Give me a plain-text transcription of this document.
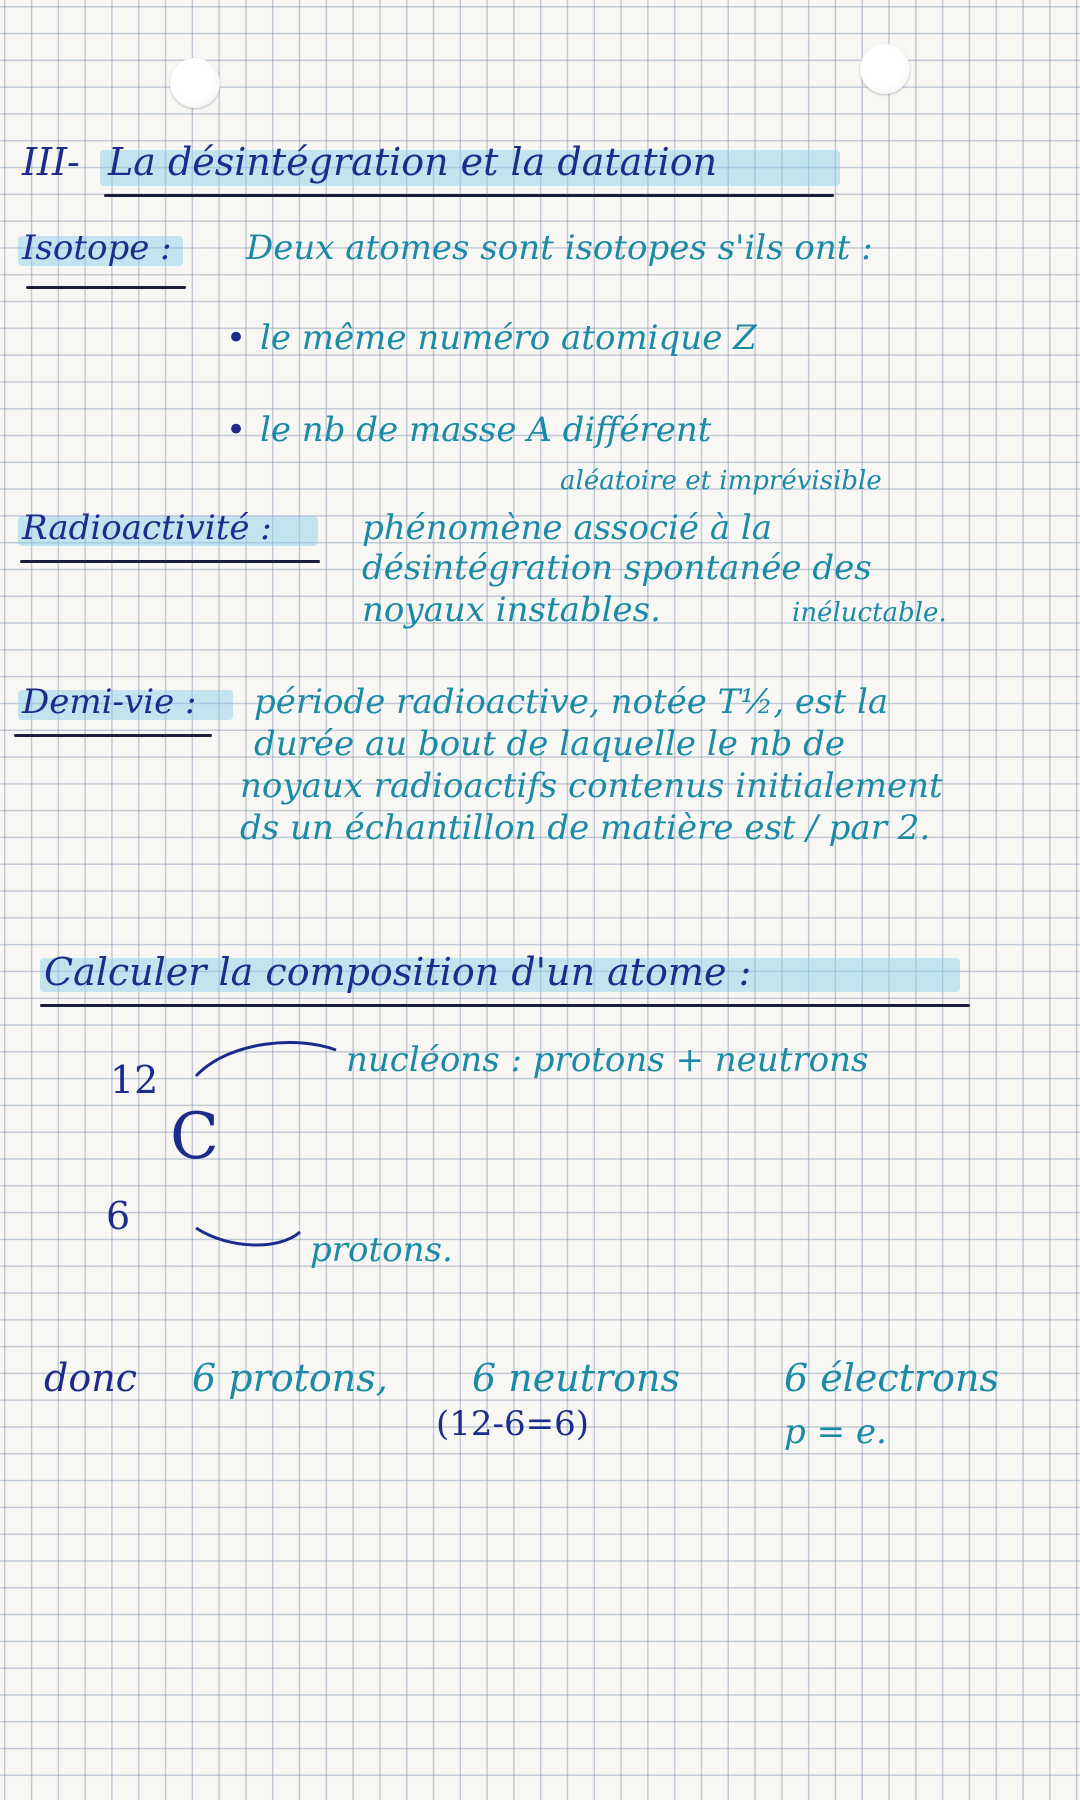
III- La désintégration et la datation
Isotope : Deux atomes sont isotopes s'ils ont :
• le même numéro atomique Z
• le nb de masse A différent
aléatoire et imprévisible
Radioactivité :	phénomène associé à la
désintégration spontanée des
noyaux instables.	inéluctable.
Demi-vie : période radioactive, notée T½, est la
durée au bout de laquelle le nb de
noyaux radioactifs contenus initialement
ds un échantillon de matière est / par 2.
Calculer la composition d'un atome :
12
C
6
nucléons : protons + neutrons
protons.
donc 6 protons, 6 neutrons
(12-6=6)
6 électrons
p = e.
